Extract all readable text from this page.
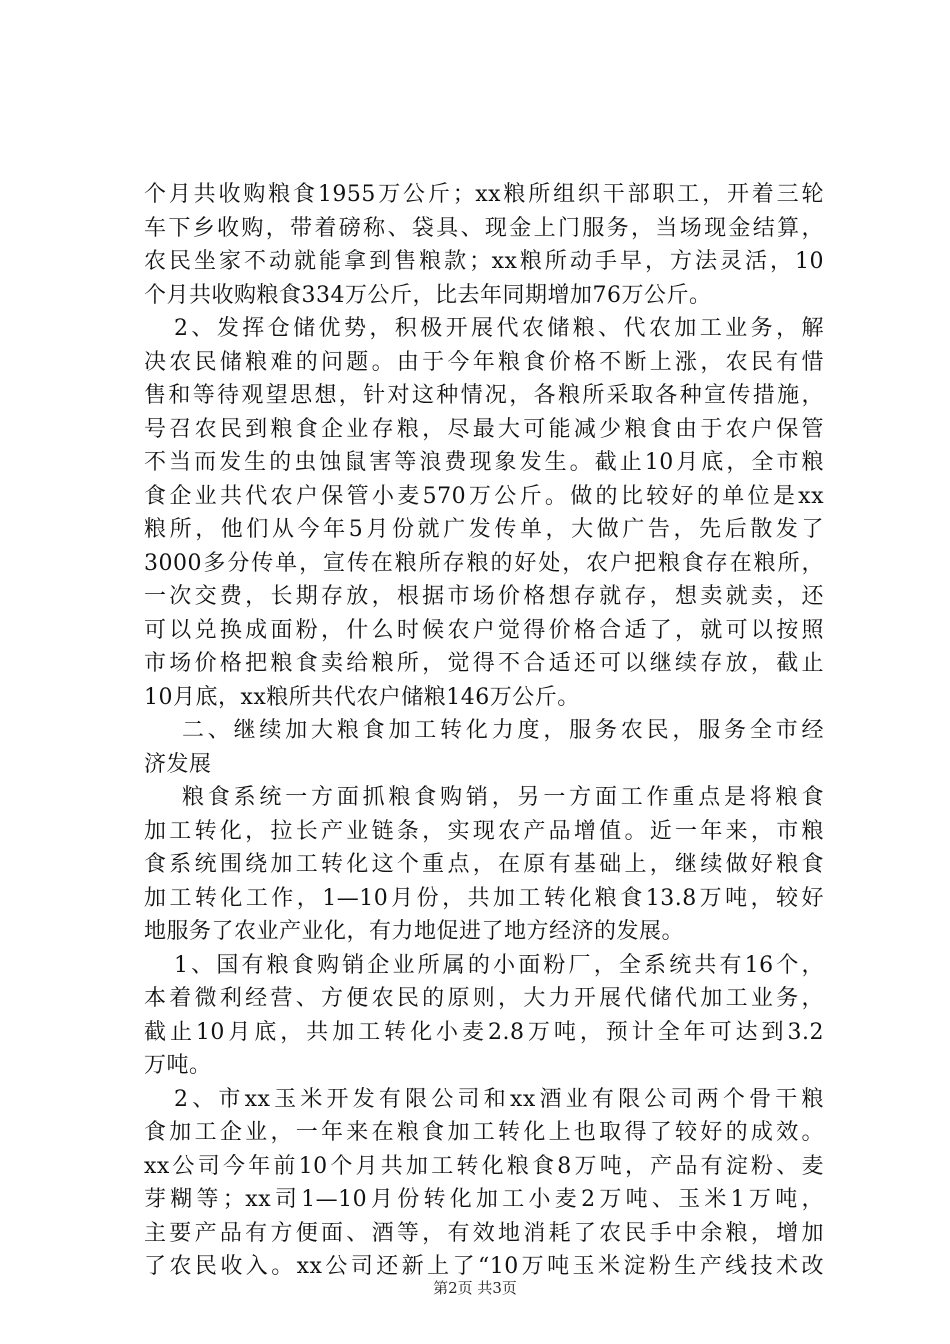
个月共收购粮食1955万公斤；xx粮所组织干部职工，开着三轮
车下乡收购，带着磅称、袋具、现金上门服务，当场现金结算，
农民坐家不动就能拿到售粮款；xx粮所动手早，方法灵活，10
个月共收购粮食334万公斤，比去年同期增加76万公斤。
2、发挥仓储优势，积极开展代农储粮、代农加工业务，解
决农民储粮难的问题。由于今年粮食价格不断上涨，农民有惜
售和等待观望思想，针对这种情况，各粮所采取各种宣传措施，
号召农民到粮食企业存粮，尽最大可能减少粮食由于农户保管
不当而发生的虫蚀鼠害等浪费现象发生。截止10月底，全市粮
食企业共代农户保管小麦570万公斤。做的比较好的单位是xx
粮所，他们从今年5月份就广发传单，大做广告，先后散发了
3000多分传单，宣传在粮所存粮的好处，农户把粮食存在粮所，
一次交费，长期存放，根据市场价格想存就存，想卖就卖，还
可以兑换成面粉，什么时候农户觉得价格合适了，就可以按照
市场价格把粮食卖给粮所，觉得不合适还可以继续存放，截止
10月底，xx粮所共代农户储粮146万公斤。
二、继续加大粮食加工转化力度，服务农民，服务全市经
济发展
粮食系统一方面抓粮食购销，另一方面工作重点是将粮食
加工转化，拉长产业链条，实现农产品增值。近一年来，市粮
食系统围绕加工转化这个重点，在原有基础上，继续做好粮食
加工转化工作，1—10月份，共加工转化粮食13.8万吨，较好
地服务了农业产业化，有力地促进了地方经济的发展。
1、国有粮食购销企业所属的小面粉厂，全系统共有16个，
本着微利经营、方便农民的原则，大力开展代储代加工业务，
截止10月底，共加工转化小麦2.8万吨，预计全年可达到3.2
万吨。
2、市xx玉米开发有限公司和xx酒业有限公司两个骨干粮
食加工企业，一年来在粮食加工转化上也取得了较好的成效。
xx公司今年前10个月共加工转化粮食8万吨，产品有淀粉、麦
芽糊等；xx司1—10月份转化加工小麦2万吨、玉米1万吨，
主要产品有方便面、酒等，有效地消耗了农民手中余粮，增加
了农民收入。xx公司还新上了“10万吨玉米淀粉生产线技术改
第2页 共3页
